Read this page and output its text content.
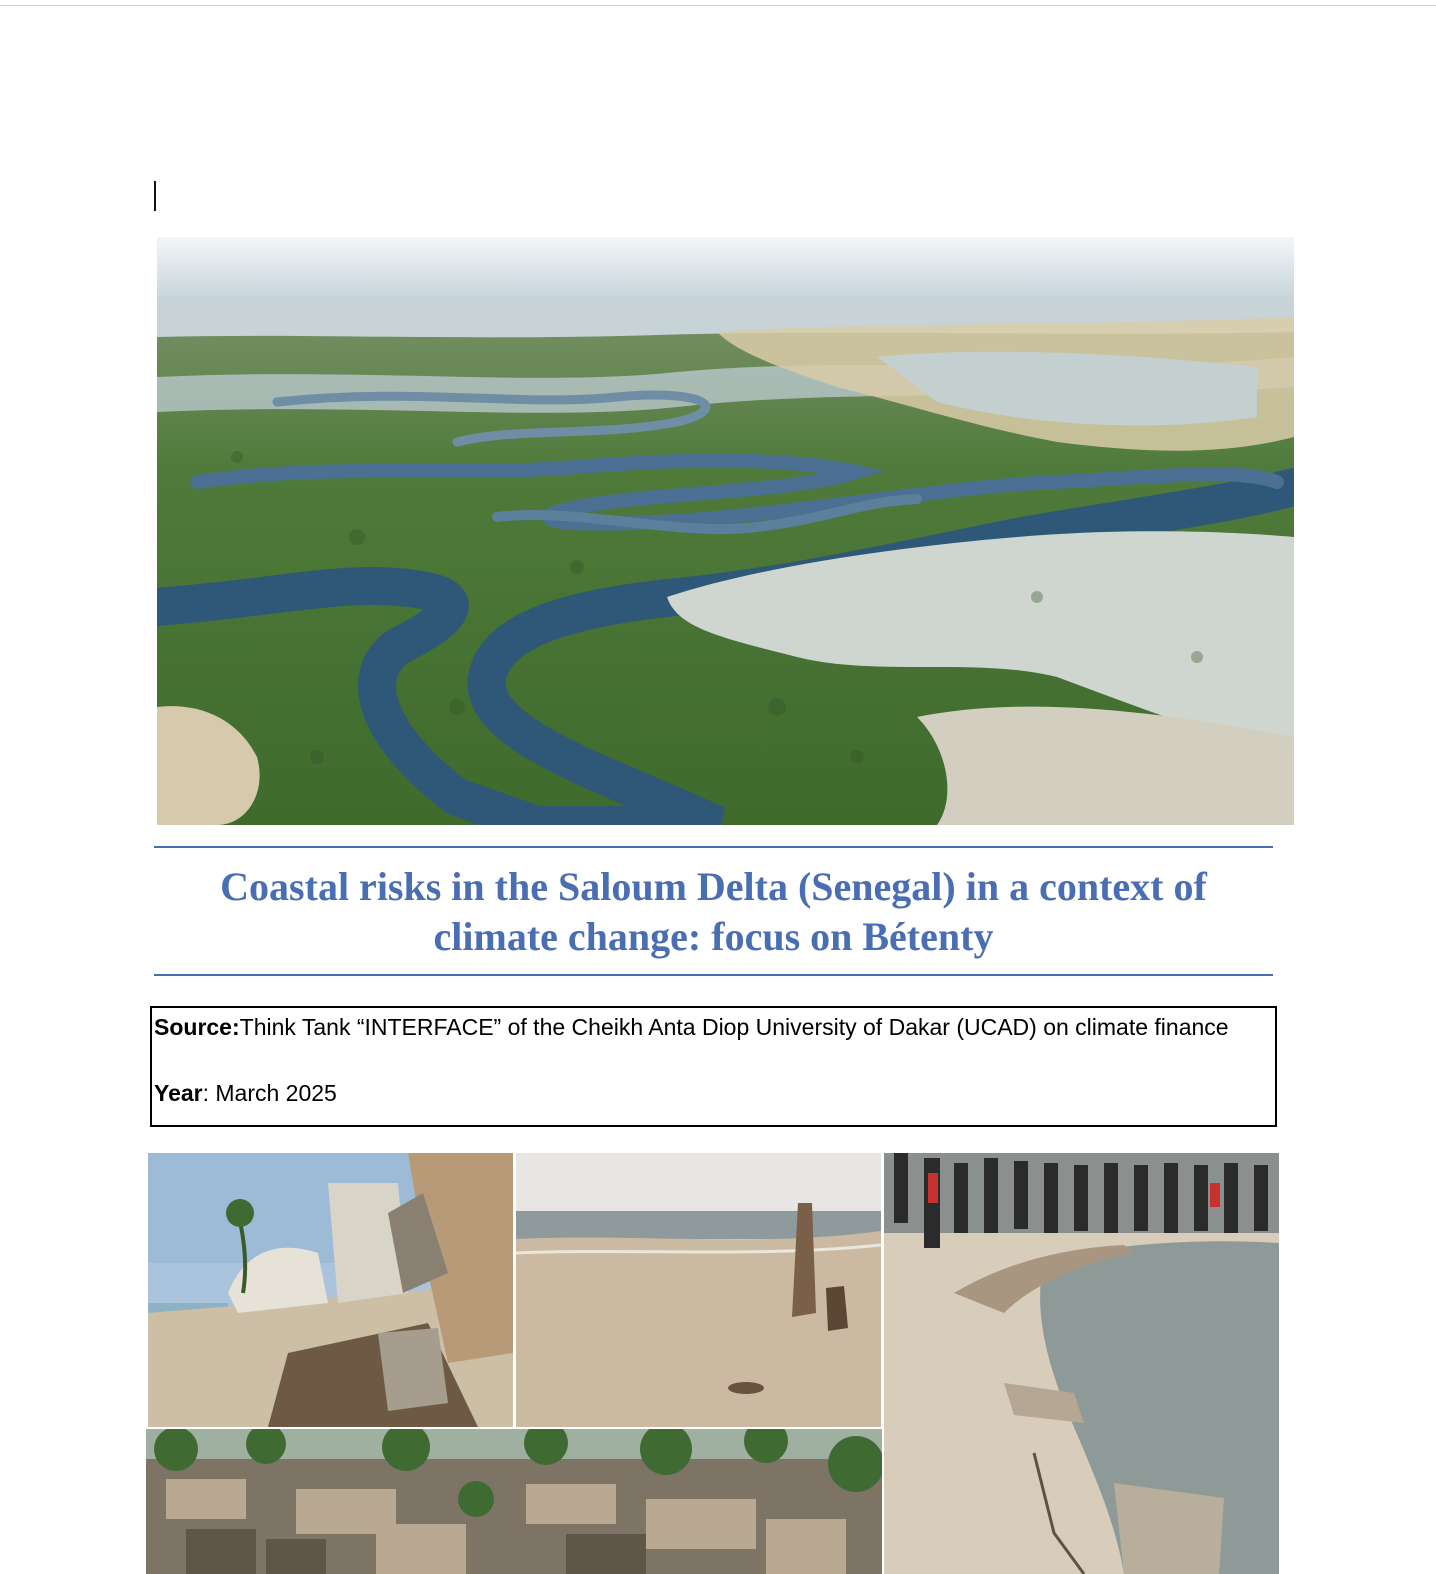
Coastal risks in the Saloum Delta (Senegal) in a context of climate change: focus on Bétenty
Source:Think Tank “INTERFACE” of the Cheikh Anta Diop University of Dakar (UCAD) on climate finance
Year: March 2025
